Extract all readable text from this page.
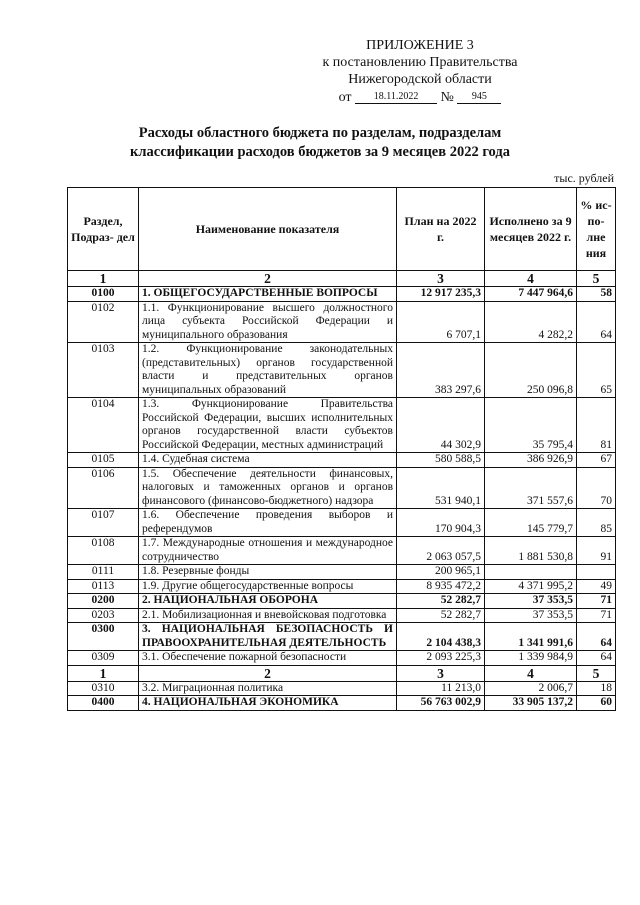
ПРИЛОЖЕНИЕ 3
к постановлению Правительства
Нижегородской области
от 18.11.2022 № 945
Расходы областного бюджета по разделам, подразделам
классификации расходов бюджетов за 9 месяцев 2022 года
тыс. рублей
Раздел, Подраз- дел	Наименование показателя	План на 2022 г.	Исполнено за 9 месяцев 2022 г.	% ис- по- лне ния
1	2	3	4	5
0100	1. ОБЩЕГОСУДАРСТВЕННЫЕ ВОПРОСЫ	12 917 235,3	7 447 964,6	58
0102	1.1. Функционирование высшего должностного лица субъекта Российской Федерации и муниципального образования	6 707,1	4 282,2	64
0103	1.2. Функционирование законодательных (представительных) органов государственной власти и представительных органов муниципальных образований	383 297,6	250 096,8	65
0104	1.3. Функционирование Правительства Российской Федерации, высших исполнительных органов государственной власти субъектов Российской Федерации, местных администраций	44 302,9	35 795,4	81
0105	1.4. Судебная система	580 588,5	386 926,9	67
0106	1.5. Обеспечение деятельности финансовых, налоговых и таможенных органов и органов финансового (финансово-бюджетного) надзора	531 940,1	371 557,6	70
0107	1.6. Обеспечение проведения выборов и референдумов	170 904,3	145 779,7	85
0108	1.7. Международные отношения и международное сотрудничество	2 063 057,5	1 881 530,8	91
0111	1.8. Резервные фонды	200 965,1		
0113	1.9. Другие общегосударственные вопросы	8 935 472,2	4 371 995,2	49
0200	2. НАЦИОНАЛЬНАЯ ОБОРОНА	52 282,7	37 353,5	71
0203	2.1. Мобилизационная и вневойсковая подготовка	52 282,7	37 353,5	71
0300	3. НАЦИОНАЛЬНАЯ БЕЗОПАСНОСТЬ И ПРАВООХРАНИТЕЛЬНАЯ ДЕЯТЕЛЬНОСТЬ	2 104 438,3	1 341 991,6	64
0309	3.1. Обеспечение пожарной безопасности	2 093 225,3	1 339 984,9	64
1	2	3	4	5
0310	3.2. Миграционная политика	11 213,0	2 006,7	18
0400	4. НАЦИОНАЛЬНАЯ ЭКОНОМИКА	56 763 002,9	33 905 137,2	60
